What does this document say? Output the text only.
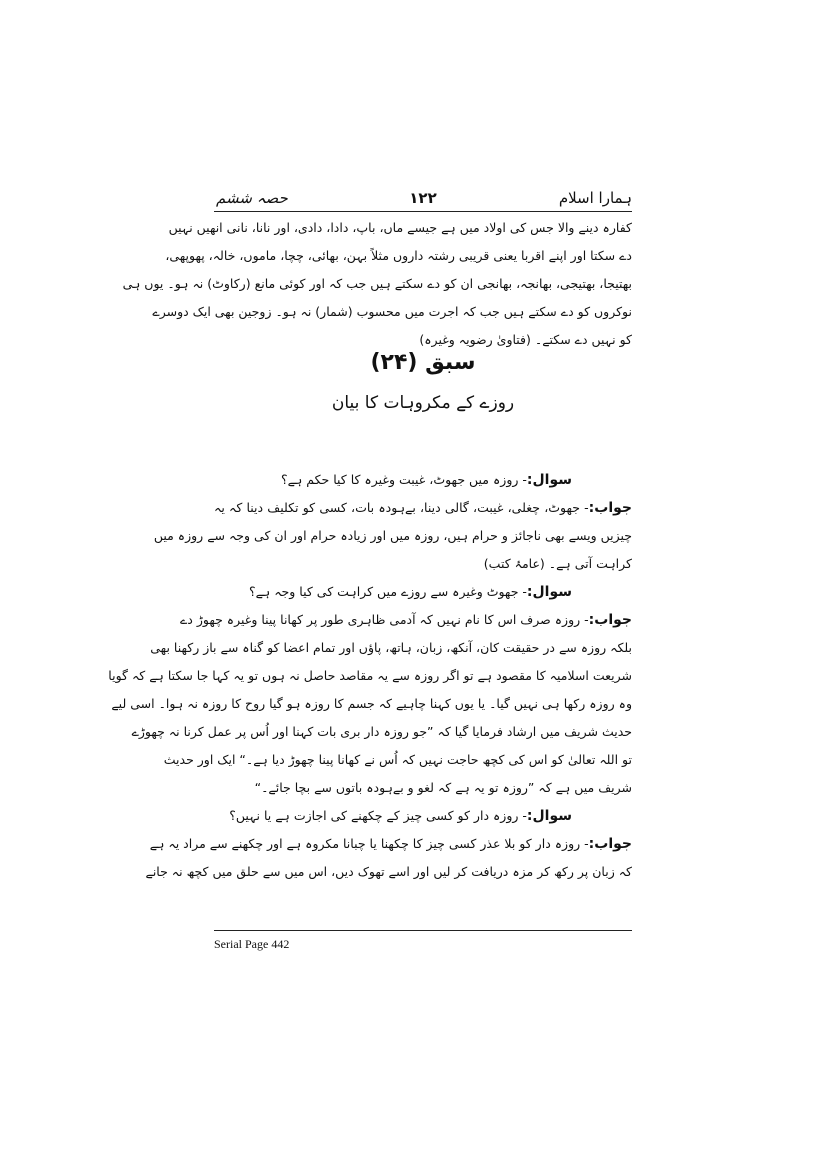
ہمارا اسلام
۱۲۲
حصہ ششم
کفارہ دینے والا جس کی اولاد میں ہے جیسے ماں، باپ، دادا، دادی، اور نانا، نانی انھیں نہیں
دے سکتا اور اپنے اقربا یعنی قریبی رشتہ داروں مثلاً بہن، بھائی، چچا، ماموں، خالہ، پھوپھی،
بھتیجا، بھتیجی، بھانجہ، بھانجی ان کو دے سکتے ہیں جب کہ اور کوئی مانع (رکاوٹ) نہ ہو۔ یوں ہی
نوکروں کو دے سکتے ہیں جب کہ اجرت میں محسوب (شمار) نہ ہو۔ زوجین بھی ایک دوسرے
کو نہیں دے سکتے۔ (فتاویٰ رضویہ وغیرہ)
سبق (۲۴)
روزے کے مکروہات کا بیان
سوال:- روزہ میں جھوٹ، غیبت وغیرہ کا کیا حکم ہے؟
جواب:- جھوٹ، چغلی، غیبت، گالی دینا، بےہودہ بات، کسی کو تکلیف دینا کہ یہ
چیزیں ویسے بھی ناجائز و حرام ہیں، روزہ میں اور زیادہ حرام اور ان کی وجہ سے روزہ میں
کراہت آتی ہے۔ (عامۂ کتب)
سوال:- جھوٹ وغیرہ سے روزے میں کراہت کی کیا وجہ ہے؟
جواب:- روزہ صرف اس کا نام نہیں کہ آدمی ظاہری طور پر کھانا پینا وغیرہ چھوڑ دے
بلکہ روزہ سے در حقیقت کان، آنکھ، زبان، ہاتھ، پاؤں اور تمام اعضا کو گناہ سے باز رکھنا بھی
شریعت اسلامیہ کا مقصود ہے تو اگر روزہ سے یہ مقاصد حاصل نہ ہوں تو یہ کہا جا سکتا ہے کہ گویا
وہ روزہ رکھا ہی نہیں گیا۔ یا یوں کہنا چاہیے کہ جسم کا روزہ ہو گیا روح کا روزہ نہ ہوا۔ اسی لیے
حدیث شریف میں ارشاد فرمایا گیا کہ ”جو روزہ دار بری بات کہنا اور اُس پر عمل کرنا نہ چھوڑے
تو اللہ تعالیٰ کو اس کی کچھ حاجت نہیں کہ اُس نے کھانا پینا چھوڑ دیا ہے۔“ ایک اور حدیث
شریف میں ہے کہ ”روزہ تو یہ ہے کہ لغو و بےہودہ باتوں سے بچا جائے۔“
سوال:- روزہ دار کو کسی چیز کے چکھنے کی اجازت ہے یا نہیں؟
جواب:- روزہ دار کو بلا عذر کسی چیز کا چکھنا یا چبانا مکروہ ہے اور چکھنے سے مراد یہ ہے
کہ زبان پر رکھ کر مزہ دریافت کر لیں اور اسے تھوک دیں، اس میں سے حلق میں کچھ نہ جانے
Serial Page 442
